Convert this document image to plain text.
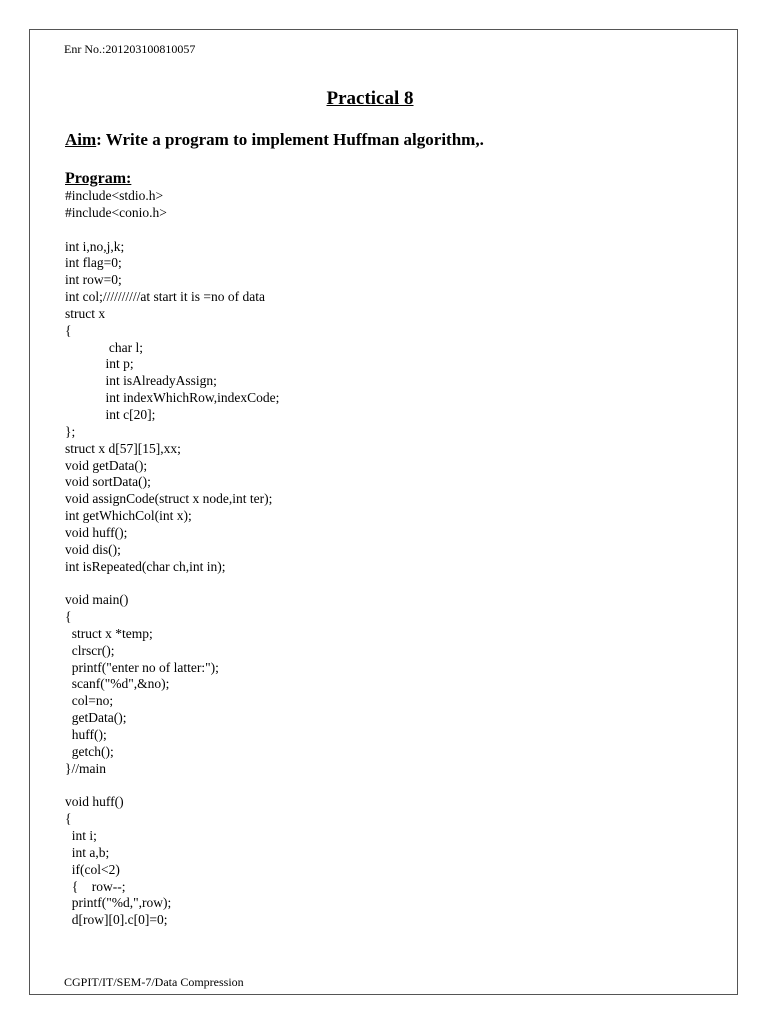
Enr No.:201203100810057
Practical 8
Aim: Write a program to implement Huffman algorithm,.
Program:
#include<stdio.h>
#include<conio.h>
int i,no,j,k;
int flag=0;
int row=0;
int col;//////////at start it is =no of data
struct x
{
char l;
int p;
int isAlreadyAssign;
int indexWhichRow,indexCode;
int c[20];
};
struct x d[57][15],xx;
void getData();
void sortData();
void assignCode(struct x node,int ter);
int getWhichCol(int x);
void huff();
void dis();
int isRepeated(char ch,int in);
void main()
{
struct x *temp;
clrscr();
printf("enter no of latter:");
scanf("%d",&no);
col=no;
getData();
huff();
getch();
}//main
void huff()
{
int i;
int a,b;
if(col<2)
{    row--;
printf("%d,",row);
d[row][0].c[0]=0;
CGPIT/IT/SEM-7/Data Compression
